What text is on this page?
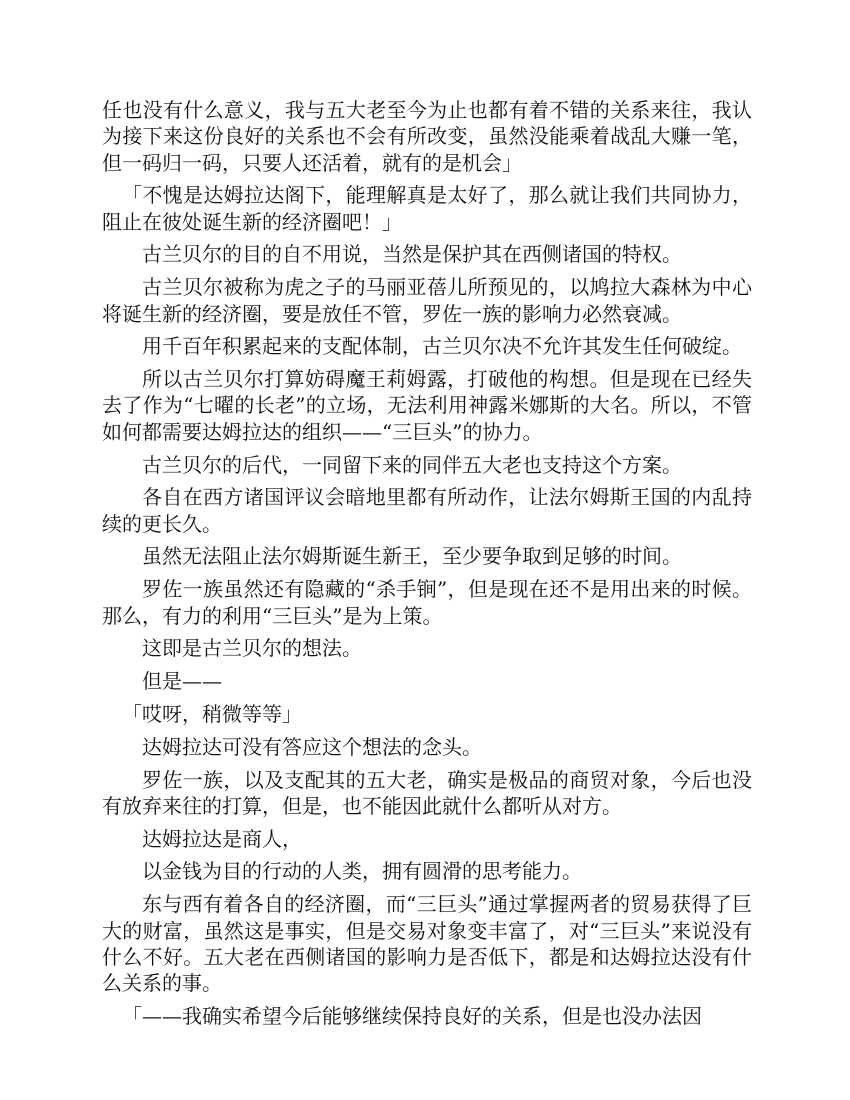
任也没有什么意义，我与五大老至今为止也都有着不错的关系来往，我认为接下来这份良好的关系也不会有所改变，虽然没能乘着战乱大赚一笔，但一码归一码，只要人还活着，就有的是机会」

「不愧是达姆拉达阁下，能理解真是太好了，那么就让我们共同协力，阻止在彼处诞生新的经济圈吧！」

古兰贝尔的目的自不用说，当然是保护其在西侧诸国的特权。

古兰贝尔被称为虎之子的马丽亚蓓儿所预见的，以鸠拉大森林为中心将诞生新的经济圈，要是放任不管，罗佐一族的影响力必然衰减。

用千百年积累起来的支配体制，古兰贝尔决不允许其发生任何破绽。

所以古兰贝尔打算妨碍魔王莉姆露，打破他的构想。但是现在已经失去了作为“七曜的长老”的立场，无法利用神露米娜斯的大名。所以，不管如何都需要达姆拉达的组织——“三巨头”的协力。

古兰贝尔的后代，一同留下来的同伴五大老也支持这个方案。

各自在西方诸国评议会暗地里都有所动作，让法尔姆斯王国的内乱持续的更长久。

虽然无法阻止法尔姆斯诞生新王，至少要争取到足够的时间。

罗佐一族虽然还有隐藏的“杀手锏”，但是现在还不是用出来的时候。那么，有力的利用“三巨头”是为上策。

这即是古兰贝尔的想法。

但是——

「哎呀，稍微等等」

达姆拉达可没有答应这个想法的念头。

罗佐一族，以及支配其的五大老，确实是极品的商贸对象，今后也没有放弃来往的打算，但是，也不能因此就什么都听从对方。

达姆拉达是商人，

以金钱为目的行动的人类，拥有圆滑的思考能力。

东与西有着各自的经济圈，而“三巨头”通过掌握两者的贸易获得了巨大的财富，虽然这是事实，但是交易对象变丰富了，对“三巨头”来说没有什么不好。五大老在西侧诸国的影响力是否低下，都是和达姆拉达没有什么关系的事。

「——我确实希望今后能够继续保持良好的关系，但是也没办法因
